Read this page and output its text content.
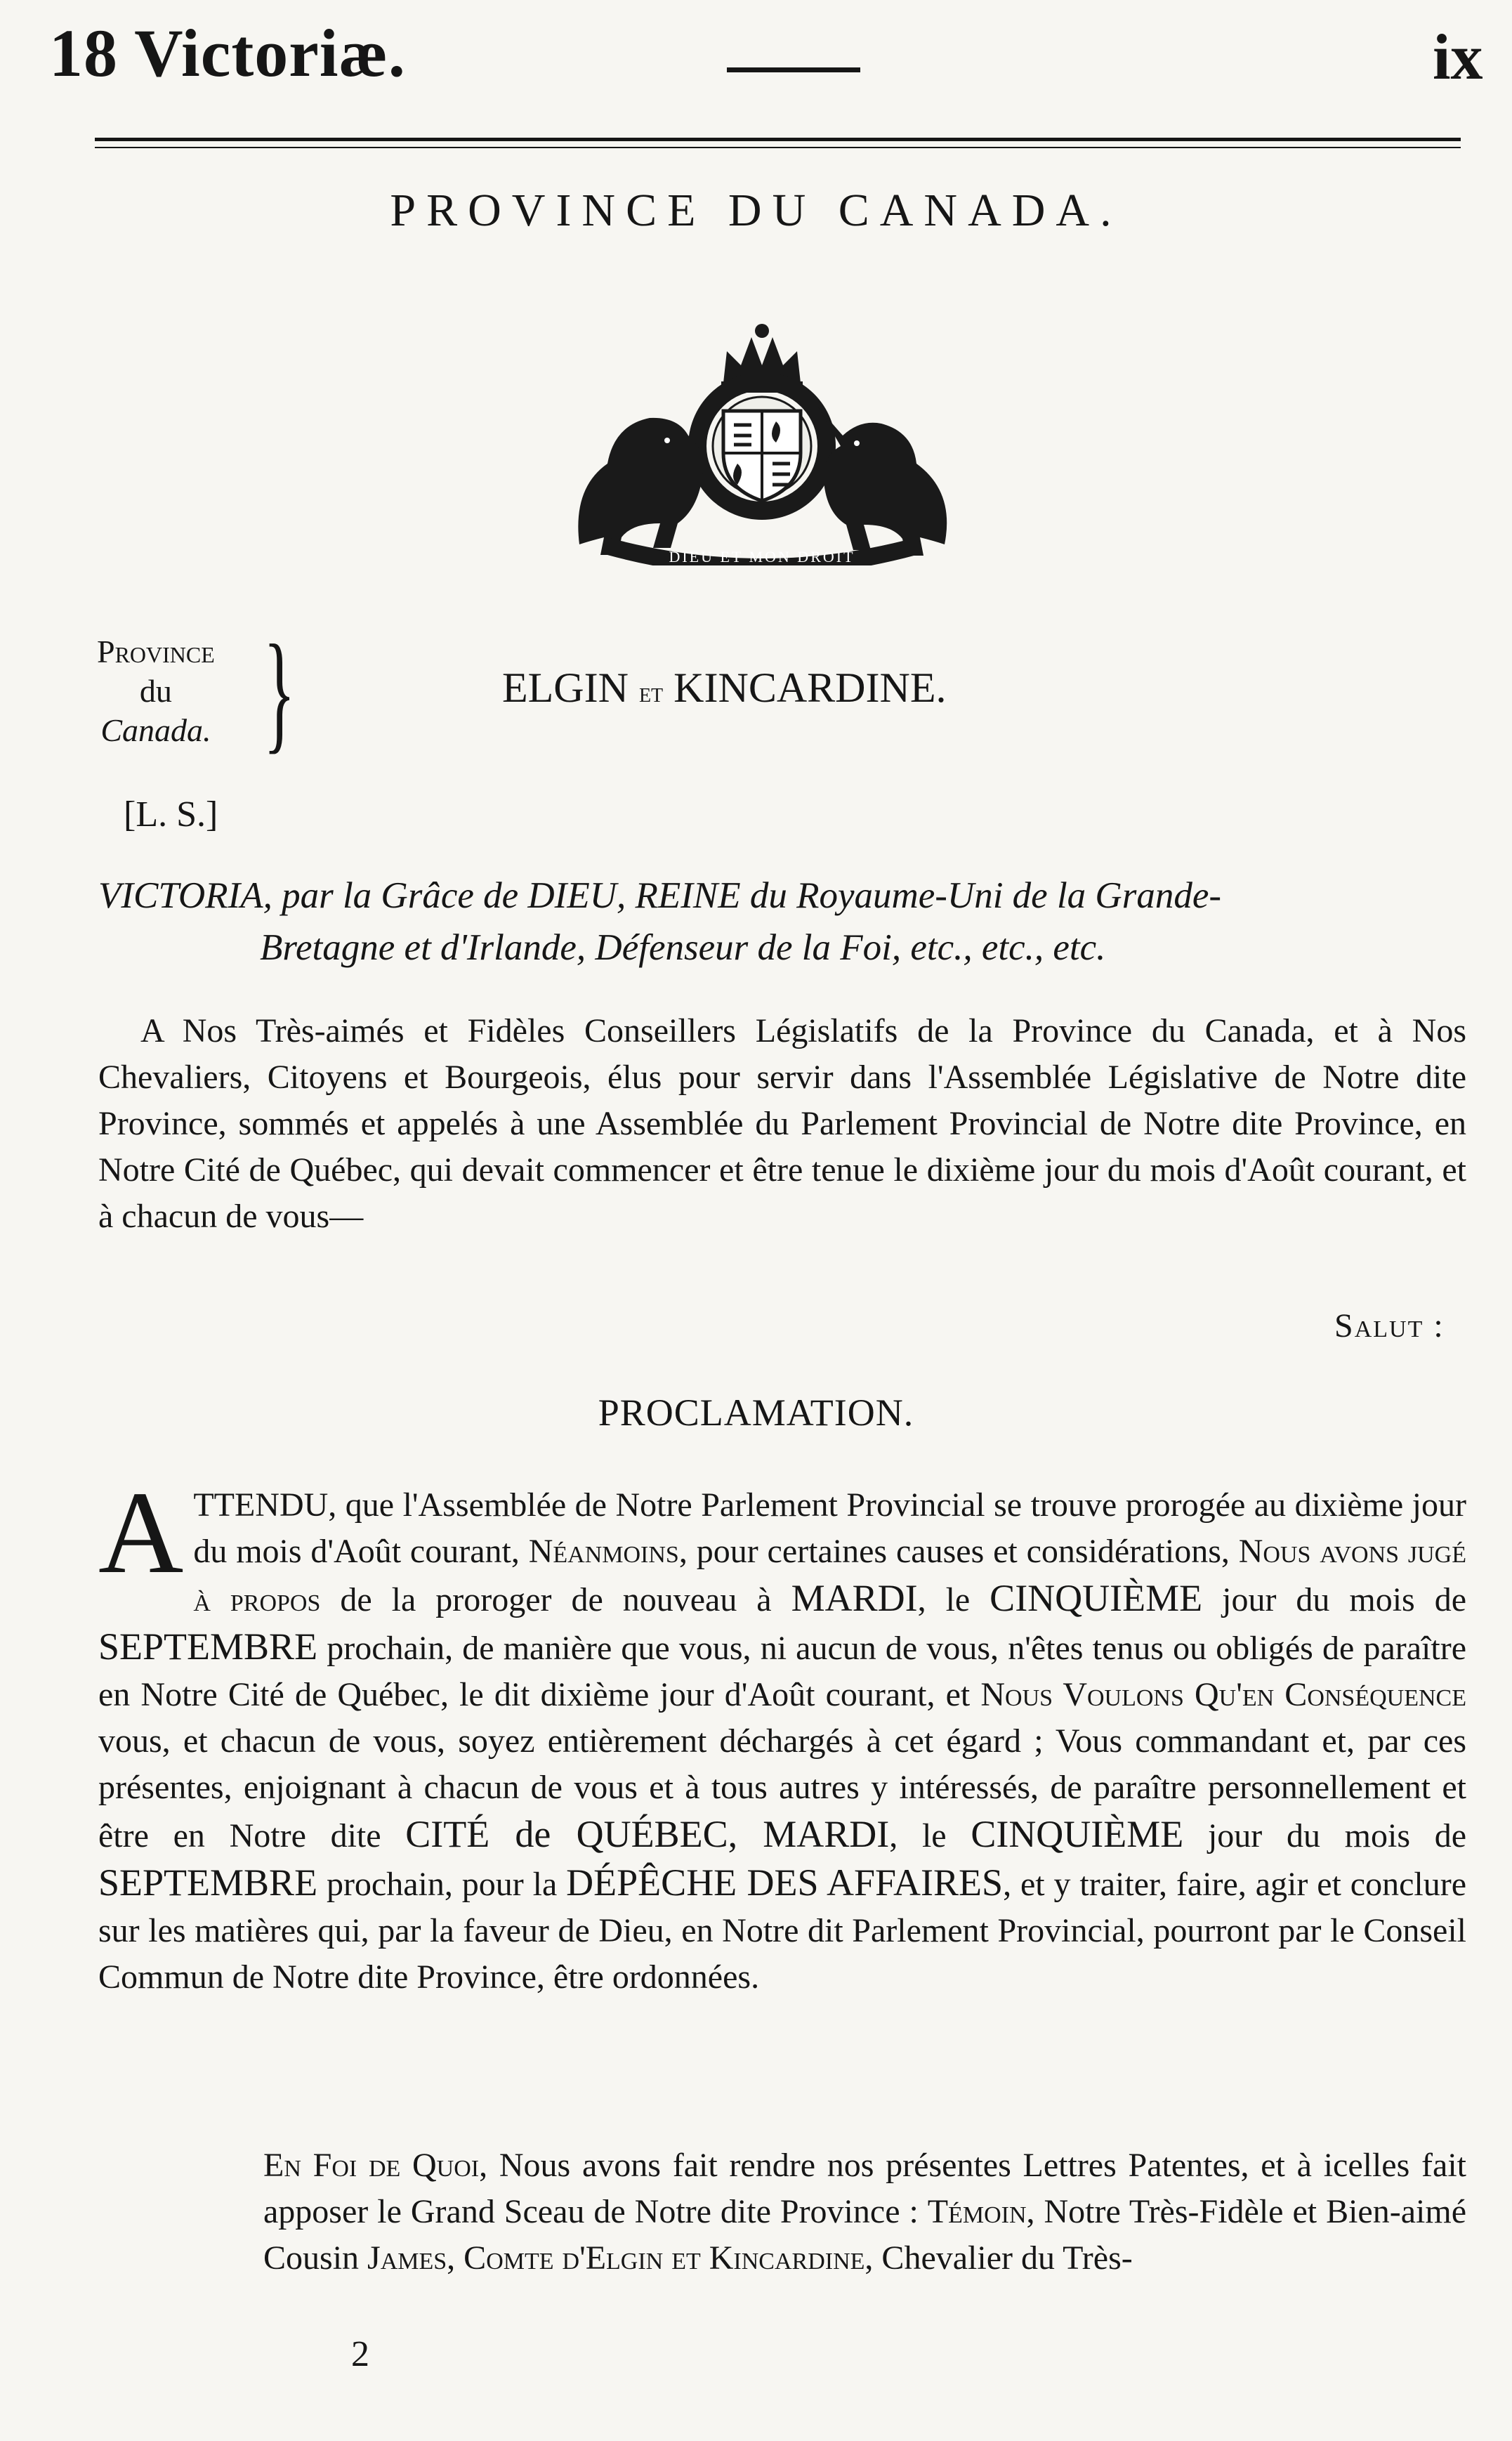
18 Victoriæ.	ix
PROVINCE DU CANADA.
DIEU ET MON DROIT
Province
du
Canada. }	ELGIN et KINCARDINE.
[L. S.]
VICTORIA, par la Grâce de DIEU, REINE du Royaume-Uni de la Grande-
Bretagne et d'Irlande, Défenseur de la Foi, etc., etc., etc.
A Nos Très-aimés et Fidèles Conseillers Législatifs de la Province du Canada, et à Nos Chevaliers, Citoyens et Bourgeois, élus pour servir dans l'Assemblée Législative de Notre dite Province, sommés et appelés à une Assemblée du Parlement Provincial de Notre dite Province, en Notre Cité de Québec, qui devait commencer et être tenue le dixième jour du mois d'Août courant, et à chacun de vous—
Salut :
PROCLAMATION.
ATTENDU, que l'Assemblée de Notre Parlement Provincial se trouve prorogée au dixième jour du mois d'Août courant, Néanmoins, pour certaines causes et considérations, Nous avons jugé à propos de la proroger de nouveau à MARDI, le CINQUIÈME jour du mois de SEPTEMBRE prochain, de manière que vous, ni aucun de vous, n'êtes tenus ou obligés de paraître en Notre Cité de Québec, le dit dixième jour d'Août courant, et Nous Voulons Qu'en Conséquence vous, et chacun de vous, soyez entièrement déchargés à cet égard ; Vous commandant et, par ces présentes, enjoignant à chacun de vous et à tous autres y intéressés, de paraître personnellement et être en Notre dite CITÉ de QUÉBEC, MARDI, le CINQUIÈME jour du mois de SEPTEMBRE prochain, pour la DÉPÊCHE DES AFFAIRES, et y traiter, faire, agir et conclure sur les matières qui, par la faveur de Dieu, en Notre dit Parlement Provincial, pourront par le Conseil Commun de Notre dite Province, être ordonnées.
En Foi de Quoi, Nous avons fait rendre nos présentes Lettres Patentes, et à icelles fait apposer le Grand Sceau de Notre dite Province : Témoin, Notre Très-Fidèle et Bien-aimé Cousin James, Comte d'Elgin et Kincardine, Chevalier du Très-
2
